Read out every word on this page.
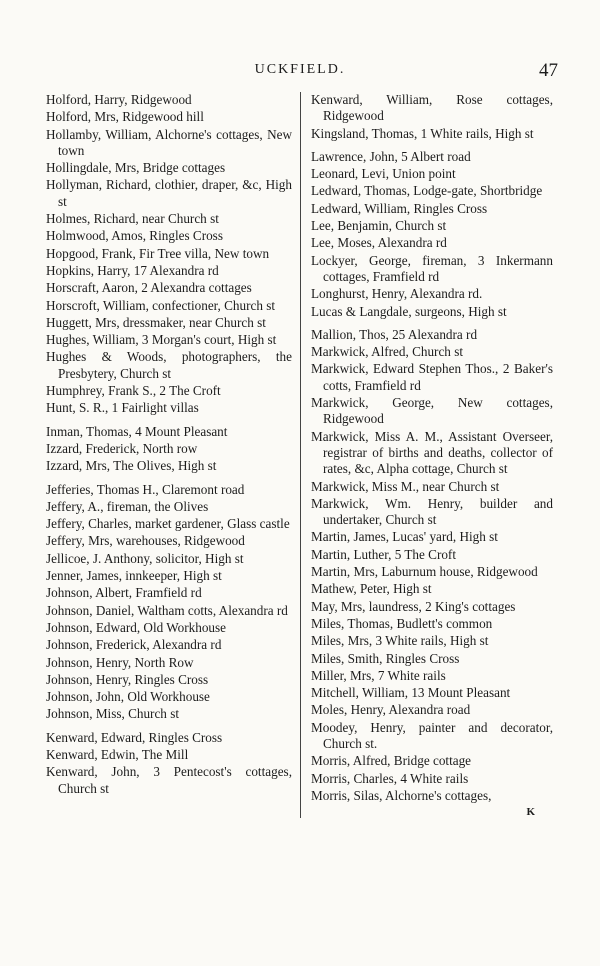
UCKFIELD.	47

Holford, Harry, Ridgewood

Holford, Mrs, Ridgewood hill

Hollamby, William, Alchorne's cottages, New town

Hollingdale, Mrs, Bridge cottages

Hollyman, Richard, clothier, draper, &c, High st

Holmes, Richard, near Church st

Holmwood, Amos, Ringles Cross

Hopgood, Frank, Fir Tree villa, New town

Hopkins, Harry, 17 Alexandra rd

Horscraft, Aaron, 2 Alexandra cottages

Horscroft, William, confectioner, Church st

Huggett, Mrs, dressmaker, near Church st

Hughes, William, 3 Morgan's court, High st

Hughes & Woods, photographers, the Presbytery, Church st

Humphrey, Frank S., 2 The Croft

Hunt, S. R., 1 Fairlight villas

Inman, Thomas, 4 Mount Pleasant

Izzard, Frederick, North row

Izzard, Mrs, The Olives, High st

Jefferies, Thomas H., Claremont road

Jeffery, A., fireman, the Olives

Jeffery, Charles, market gardener, Glass castle

Jeffery, Mrs, warehouses, Ridgewood

Jellicoe, J. Anthony, solicitor, High st

Jenner, James, innkeeper, High st

Johnson, Albert, Framfield rd

Johnson, Daniel, Waltham cotts, Alexandra rd

Johnson, Edward, Old Workhouse

Johnson, Frederick, Alexandra rd

Johnson, Henry, North Row

Johnson, Henry, Ringles Cross

Johnson, John, Old Workhouse

Johnson, Miss, Church st

Kenward, Edward, Ringles Cross

Kenward, Edwin, The Mill

Kenward, John, 3 Pentecost's cottages, Church st

Kenward, William, Rose cottages, Ridgewood

Kingsland, Thomas, 1 White rails, High st

Lawrence, John, 5 Albert road

Leonard, Levi, Union point

Ledward, Thomas, Lodge-gate, Shortbridge

Ledward, William, Ringles Cross

Lee, Benjamin, Church st

Lee, Moses, Alexandra rd

Lockyer, George, fireman, 3 Inkermann cottages, Framfield rd

Longhurst, Henry, Alexandra rd.

Lucas & Langdale, surgeons, High st

Mallion, Thos, 25 Alexandra rd

Markwick, Alfred, Church st

Markwick, Edward Stephen Thos., 2 Baker's cotts, Framfield rd

Markwick, George, New cottages, Ridgewood

Markwick, Miss A. M., Assistant Overseer, registrar of births and deaths, collector of rates, &c, Alpha cottage, Church st

Markwick, Miss M., near Church st

Markwick, Wm. Henry, builder and undertaker, Church st

Martin, James, Lucas' yard, High st

Martin, Luther, 5 The Croft

Martin, Mrs, Laburnum house, Ridgewood

Mathew, Peter, High st

May, Mrs, laundress, 2 King's cottages

Miles, Thomas, Budlett's common

Miles, Mrs, 3 White rails, High st

Miles, Smith, Ringles Cross

Miller, Mrs, 7 White rails

Mitchell, William, 13 Mount Pleasant

Moles, Henry, Alexandra road

Moodey, Henry, painter and decorator, Church st.

Morris, Alfred, Bridge cottage

Morris, Charles, 4 White rails

Morris, Silas, Alchorne's cottages,

K
